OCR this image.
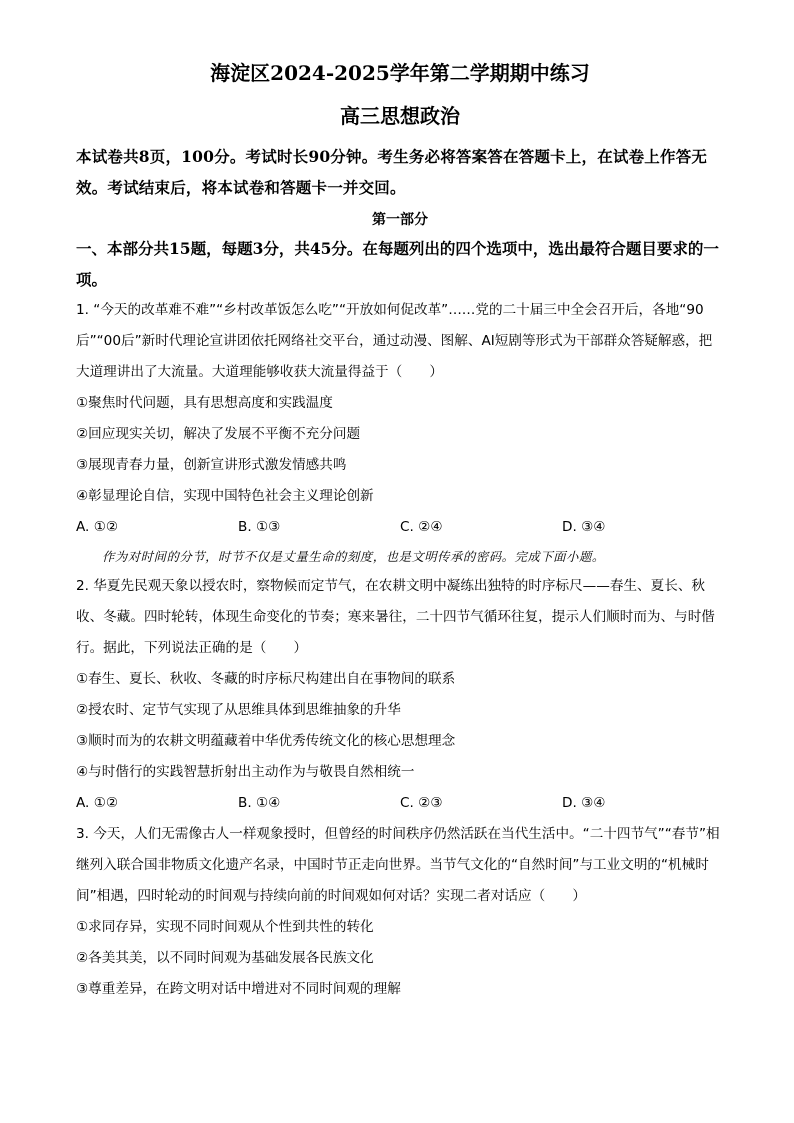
海淀区2024-2025学年第二学期期中练习
高三思想政治
本试卷共8页，100分。考试时长90分钟。考生务必将答案答在答题卡上，在试卷上作答无效。考试结束后，将本试卷和答题卡一并交回。
第一部分
一、本部分共15题，每题3分，共45分。在每题列出的四个选项中，选出最符合题目要求的一项。

1. “今天的改革难不难”“乡村改革饭怎么吃”“开放如何促改革”……党的二十届三中全会召开后，各地“90后”“00后”新时代理论宣讲团依托网络社交平台，通过动漫、图解、AI短剧等形式为干部群众答疑解惑，把大道理讲出了大流量。大道理能够收获大流量得益于（　　）

①聚焦时代问题，具有思想高度和实践温度

②回应现实关切，解决了发展不平衡不充分问题

③展现青春力量，创新宣讲形式激发情感共鸣

④彰显理论自信，实现中国特色社会主义理论创新

A. ①②	B. ①③	C. ②④	D. ③④
作为对时间的分节，时节不仅是丈量生命的刻度，也是文明传承的密码。完成下面小题。

2. 华夏先民观天象以授农时，察物候而定节气，在农耕文明中凝练出独特的时序标尺——春生、夏长、秋收、冬藏。四时轮转，体现生命变化的节奏；寒来暑往，二十四节气循环往复，提示人们顺时而为、与时偕行。据此，下列说法正确的是（　　）

①春生、夏长、秋收、冬藏的时序标尺构建出自在事物间的联系

②授农时、定节气实现了从思维具体到思维抽象的升华

③顺时而为的农耕文明蕴藏着中华优秀传统文化的核心思想理念

④与时偕行的实践智慧折射出主动作为与敬畏自然相统一

A. ①②	B. ①④	C. ②③	D. ③④

3. 今天，人们无需像古人一样观象授时，但曾经的时间秩序仍然活跃在当代生活中。“二十四节气”“春节”相继列入联合国非物质文化遗产名录，中国时节正走向世界。当节气文化的“自然时间”与工业文明的“机械时间”相遇，四时轮动的时间观与持续向前的时间观如何对话？实现二者对话应（　　）

①求同存异，实现不同时间观从个性到共性的转化

②各美其美，以不同时间观为基础发展各民族文化

③尊重差异，在跨文明对话中增进对不同时间观的理解
